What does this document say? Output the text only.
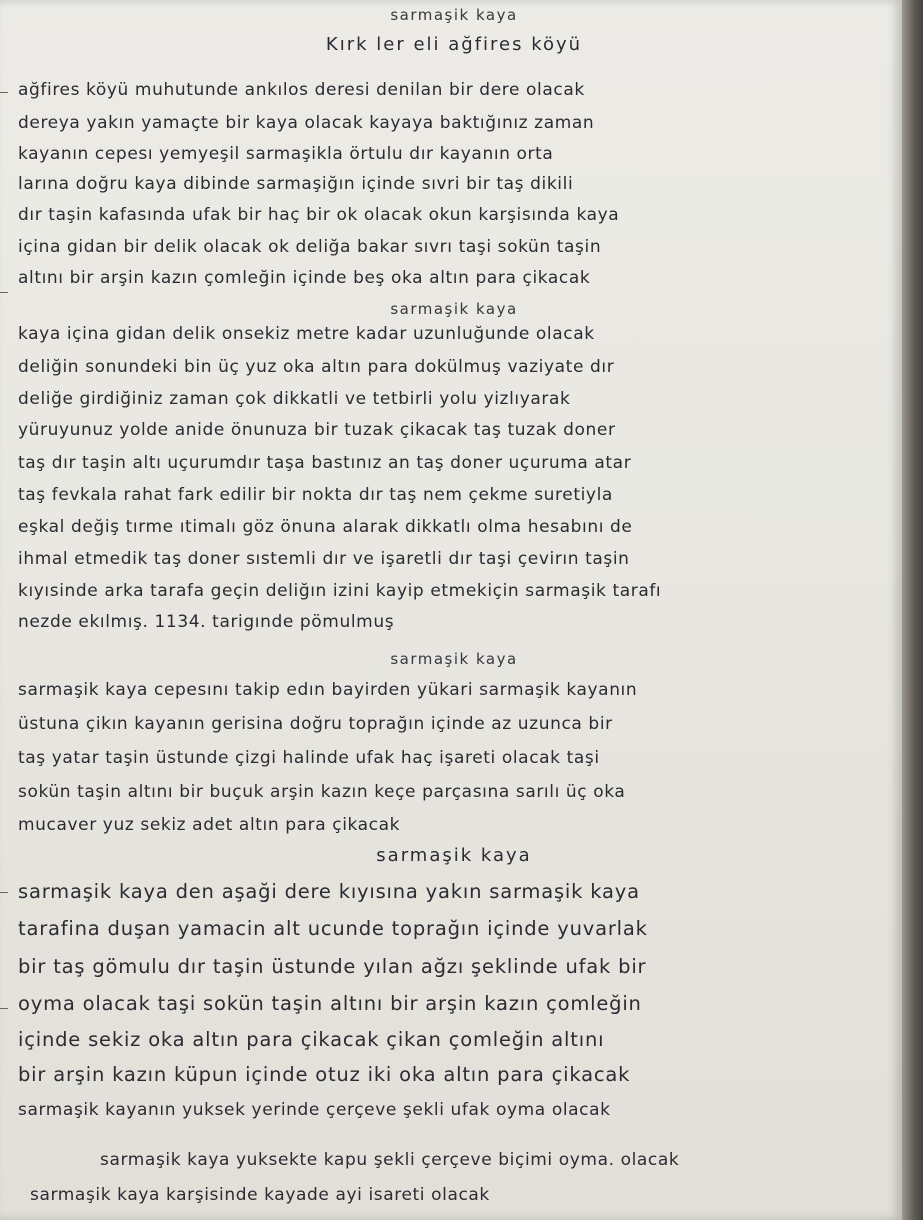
sarmaşik kaya
Kırk ler eli ağfires köyü
ağfires köyü muhutunde ankılos deresi denilan bir dere olacak
dereya yakın yamaçte bir kaya olacak kayaya baktığınız zaman
kayanın cepesı yemyeşil sarmaşikla örtulu dır kayanın orta
larına doğru kaya dibinde sarmaşiğın içinde sıvri bir taş dikili
dır taşin kafasında ufak bir haç bir ok olacak okun karşisında kaya
içina gidan bir delik olacak ok deliğa bakar sıvrı taşi sokün taşin
altını bir arşin kazın çomleğin içinde beş oka altın para çikacak
sarmaşik kaya
kaya içina gidan delik onsekiz metre kadar uzunluğunde olacak
deliğin sonundeki bin üç yuz oka altın para dokülmuş vaziyate dır
deliğe girdiğiniz zaman çok dikkatli ve tetbirli yolu yizlıyarak
yüruyunuz yolde anide önunuza bir tuzak çikacak taş tuzak doner
taş dır taşin altı uçurumdır taşa bastınız an taş doner uçuruma atar
taş fevkala rahat fark edilir bir nokta dır taş nem çekme suretiyla
eşkal değiş tırme ıtimalı göz önuna alarak dikkatlı olma hesabını de
ihmal etmedik taş doner sıstemli dır ve işaretli dır taşi çevirın taşin
kıyısinde arka tarafa geçin deliğın izini kayip etmekiçin sarmaşik tarafı
nezde ekılmış. 1134. tarigınde pömulmuş
sarmaşik kaya
sarmaşik kaya cepesını takip edın bayirden yükari sarmaşik kayanın
üstuna çikın kayanın gerisina doğru toprağın içinde az uzunca bir
taş yatar taşin üstunde çizgi halinde ufak haç işareti olacak taşi
sokün taşin altını bir buçuk arşin kazın keçe parçasına sarılı üç oka
mucaver yuz sekiz adet altın para çikacak
sarmaşik kaya
sarmaşik kaya den aşaği dere kıyısına yakın sarmaşik kaya
tarafina duşan yamacin alt ucunde toprağın içinde yuvarlak
bir taş gömulu dır taşin üstunde yılan ağzı şeklinde ufak bir
oyma olacak taşi sokün taşin altını bir arşin kazın çomleğin
içinde sekiz oka altın para çikacak çikan çomleğin altını
bir arşin kazın küpun içinde otuz iki oka altın para çikacak
sarmaşik kayanın yuksek yerinde çerçeve şekli ufak oyma olacak
sarmaşik kaya yuksekte kapu şekli çerçeve biçimi oyma. olacak
sarmaşik kaya karşisinde kayade ayi isareti olacak
